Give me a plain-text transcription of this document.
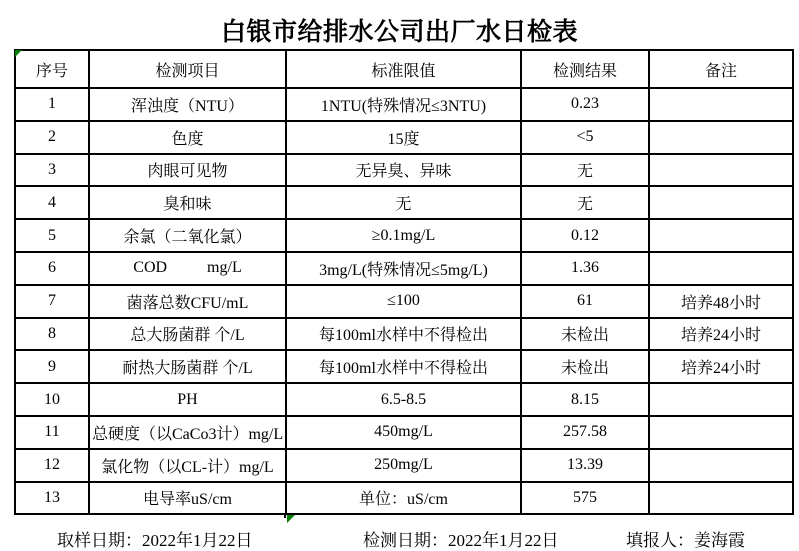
白银市给排水公司出厂水日检表
序号	检测项目	标准限值	检测结果	备注
1	浑浊度（NTU）	1NTU(特殊情况≤3NTU)	0.23	
2	色度	15度	<5	
3	肉眼可见物	无异臭、异味	无	
4	臭和味	无	无	
5	余氯（二氧化氯）	≥0.1mg/L	0.12	
6	COD          mg/L	3mg/L(特殊情况≤5mg/L)	1.36	
7	菌落总数CFU/mL	≤100	61	培养48小时
8	总大肠菌群 个/L	每100ml水样中不得检出	未检出	培养24小时
9	耐热大肠菌群 个/L	每100ml水样中不得检出	未检出	培养24小时
10	PH	6.5-8.5	8.15	
11	总硬度（以CaCo3计）mg/L	450mg/L	257.58	
12	氯化物（以CL-计）mg/L	250mg/L	13.39	
13	电导率uS/cm	单位：uS/cm	575	
取样日期：2022年1月22日	检测日期：2022年1月22日	填报人：姜海霞
